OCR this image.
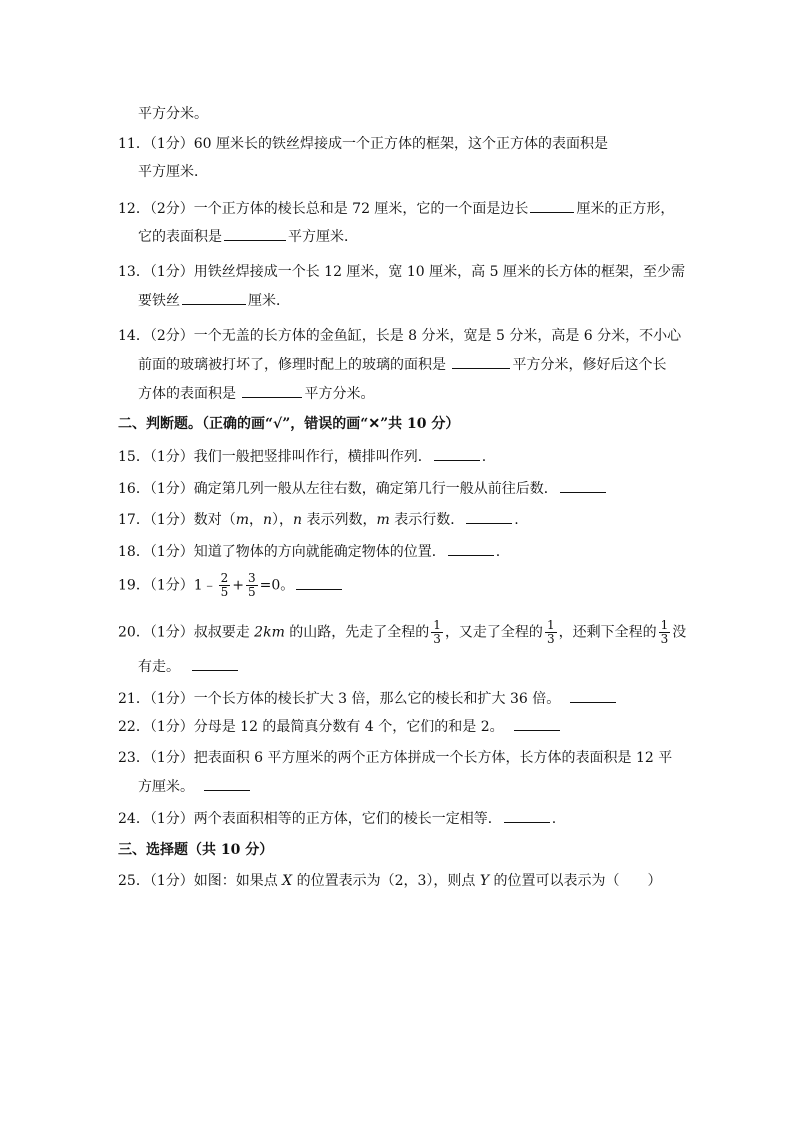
平方分米。
11．（1分）60 厘米长的铁丝焊接成一个正方体的框架，这个正方体的表面积是
平方厘米．
12．（2分）一个正方体的棱长总和是 72 厘米，它的一个面是边长	厘米的正方形，
它的表面积是	平方厘米．
13．（1分）用铁丝焊接成一个长 12 厘米，宽 10 厘米，高 5 厘米的长方体的框架，至少需
要铁丝	厘米．
14．（2分）一个无盖的长方体的金鱼缸，长是 8 分米，宽是 5 分米，高是 6 分米，不小心
前面的玻璃被打坏了，修理时配上的玻璃的面积是	平方分米，修好后这个长
方体的表面积是	平方分米。
二、判断题。（正确的画“√”，错误的画“✕”共 10 分）
15．（1分）我们一般把竖排叫作行，横排叫作列．	.
16．（1分）确定第几列一般从左往右数，确定第几行一般从前往后数．
17．（1分）数对（m，n），n 表示列数，m 表示行数．	.
18．（1分）知道了物体的方向就能确定物体的位置．	.
19．（1分）1﹣ $\frac{2}{5} + \frac{3}{5} =0$。
20．（1分）叔叔要走 2km 的山路，先走了全程的 $\frac{1}{3}$ ，又走了全程的 $\frac{1}{3}$ ，还剩下全程的 $\frac{1}{3}$ 没
有走。
21．（1分）一个长方体的棱长扩大 3 倍，那么它的棱长和扩大 36 倍。
22．（1分）分母是 12 的最简真分数有 4 个，它们的和是 2。
23．（1分）把表面积 6 平方厘米的两个正方体拼成一个长方体，长方体的表面积是 12 平
方厘米。
24．（1分）两个表面积相等的正方体，它们的棱长一定相等．	.
三、选择题（共 10 分）
25．（1分）如图：如果点 X 的位置表示为（2，3），则点 Y 的位置可以表示为（　　）
